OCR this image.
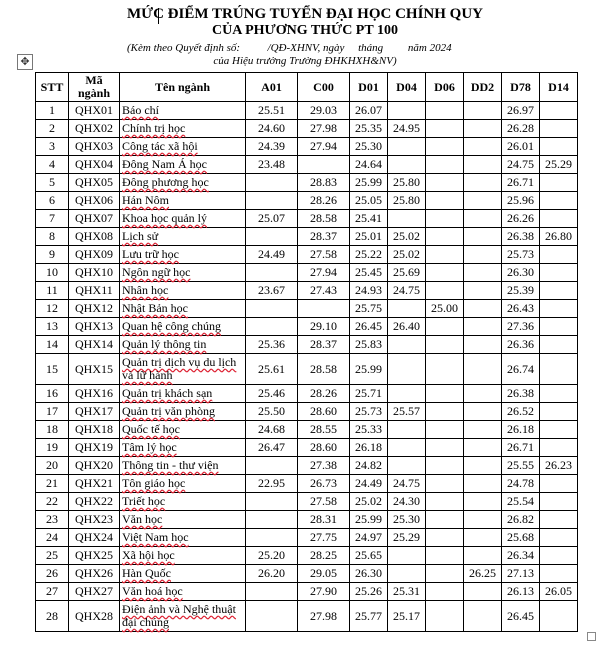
MỨC ĐIỂM TRÚNG TUYỂN ĐẠI HỌC CHÍNH QUY
CỦA PHƯƠNG THỨC PT 100
(Kèm theo Quyết định số:          /QĐ-XHNV, ngày     tháng         năm 2024
của Hiệu trưởng Trường ĐHKHXH&NV)
✥
STT	Mã ngành	Tên ngành	A01	C00	D01	D04	D06	DD2	D78	D14
1	QHX01	Báo chí	25.51	29.03	26.07				26.97	
2	QHX02	Chính trị học	24.60	27.98	25.35	24.95			26.28	
3	QHX03	Công tác xã hội	24.39	27.94	25.30				26.01	
4	QHX04	Đông Nam Á học	23.48		24.64				24.75	25.29
5	QHX05	Đông phương học		28.83	25.99	25.80			26.71	
6	QHX06	Hán Nôm		28.26	25.05	25.80			25.96	
7	QHX07	Khoa học quản lý	25.07	28.58	25.41				26.26	
8	QHX08	Lịch sử		28.37	25.01	25.02			26.38	26.80
9	QHX09	Lưu trữ học	24.49	27.58	25.22	25.02			25.73	
10	QHX10	Ngôn ngữ học		27.94	25.45	25.69			26.30	
11	QHX11	Nhân học	23.67	27.43	24.93	24.75			25.39	
12	QHX12	Nhật Bản học			25.75		25.00		26.43	
13	QHX13	Quan hệ công chúng		29.10	26.45	26.40			27.36	
14	QHX14	Quản lý thông tin	25.36	28.37	25.83				26.36	
15	QHX15	Quản trị dịch vụ du lịch và lữ hành	25.61	28.58	25.99				26.74	
16	QHX16	Quản trị khách sạn	25.46	28.26	25.71				26.38	
17	QHX17	Quản trị văn phòng	25.50	28.60	25.73	25.57			26.52	
18	QHX18	Quốc tế học	24.68	28.55	25.33				26.18	
19	QHX19	Tâm lý học	26.47	28.60	26.18				26.71	
20	QHX20	Thông tin - thư viện		27.38	24.82				25.55	26.23
21	QHX21	Tôn giáo học	22.95	26.73	24.49	24.75			24.78	
22	QHX22	Triết học		27.58	25.02	24.30			25.54	
23	QHX23	Văn học		28.31	25.99	25.30			26.82	
24	QHX24	Việt Nam học		27.75	24.97	25.29			25.68	
25	QHX25	Xã hội học	25.20	28.25	25.65				26.34	
26	QHX26	Hàn Quốc	26.20	29.05	26.30			26.25	27.13	
27	QHX27	Văn hoá học		27.90	25.26	25.31			26.13	26.05
28	QHX28	Điện ảnh và Nghệ thuật đại chúng		27.98	25.77	25.17			26.45	
